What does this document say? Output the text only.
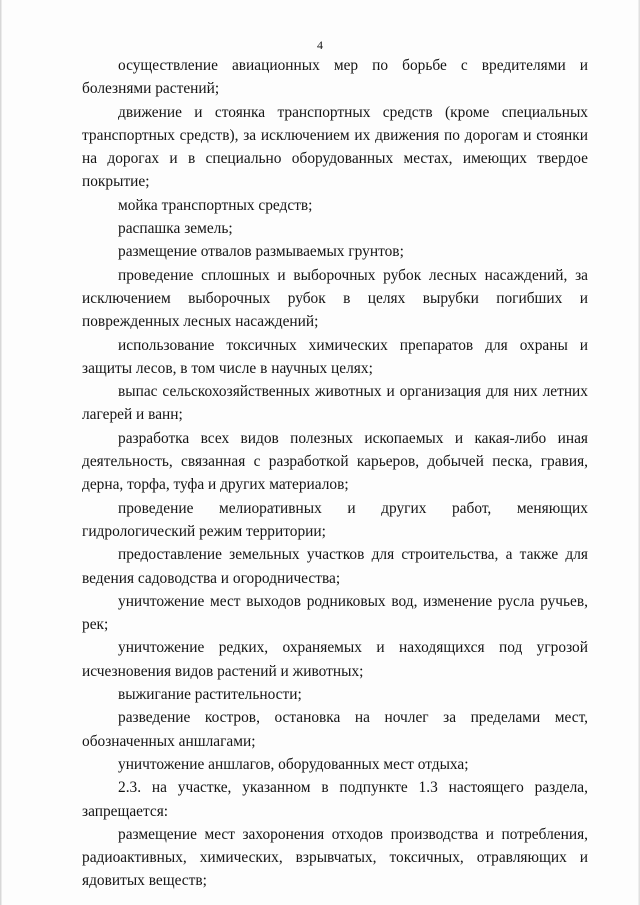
4

осуществление авиационных мер по борьбе с вредителями и болезнями растений;

движение и стоянка транспортных средств (кроме специальных транспортных средств), за исключением их движения по дорогам и стоянки на дорогах и в специально оборудованных местах, имеющих твердое покрытие;

мойка транспортных средств;

распашка земель;

размещение отвалов размываемых грунтов;

проведение сплошных и выборочных рубок лесных насаждений, за исключением выборочных рубок в целях вырубки погибших и поврежденных лесных насаждений;

использование токсичных химических препаратов для охраны и защиты лесов, в том числе в научных целях;

выпас сельскохозяйственных животных и организация для них летних лагерей и ванн;

разработка всех видов полезных ископаемых и какая-либо иная деятельность, связанная с разработкой карьеров, добычей песка, гравия, дерна, торфа, туфа и других материалов;

проведение мелиоративных и других работ, меняющих гидрологический режим территории;

предоставление земельных участков для строительства, а также для ведения садоводства и огородничества;

уничтожение мест выходов родниковых вод, изменение русла ручьев, рек;

уничтожение редких, охраняемых и находящихся под угрозой исчезновения видов растений и животных;

выжигание растительности;

разведение костров, остановка на ночлег за пределами мест, обозначенных аншлагами;

уничтожение аншлагов, оборудованных мест отдыха;

2.3. на участке, указанном в подпункте 1.3 настоящего раздела, запрещается:

размещение мест захоронения отходов производства и потребления, радиоактивных, химических, взрывчатых, токсичных, отравляющих и ядовитых веществ;
